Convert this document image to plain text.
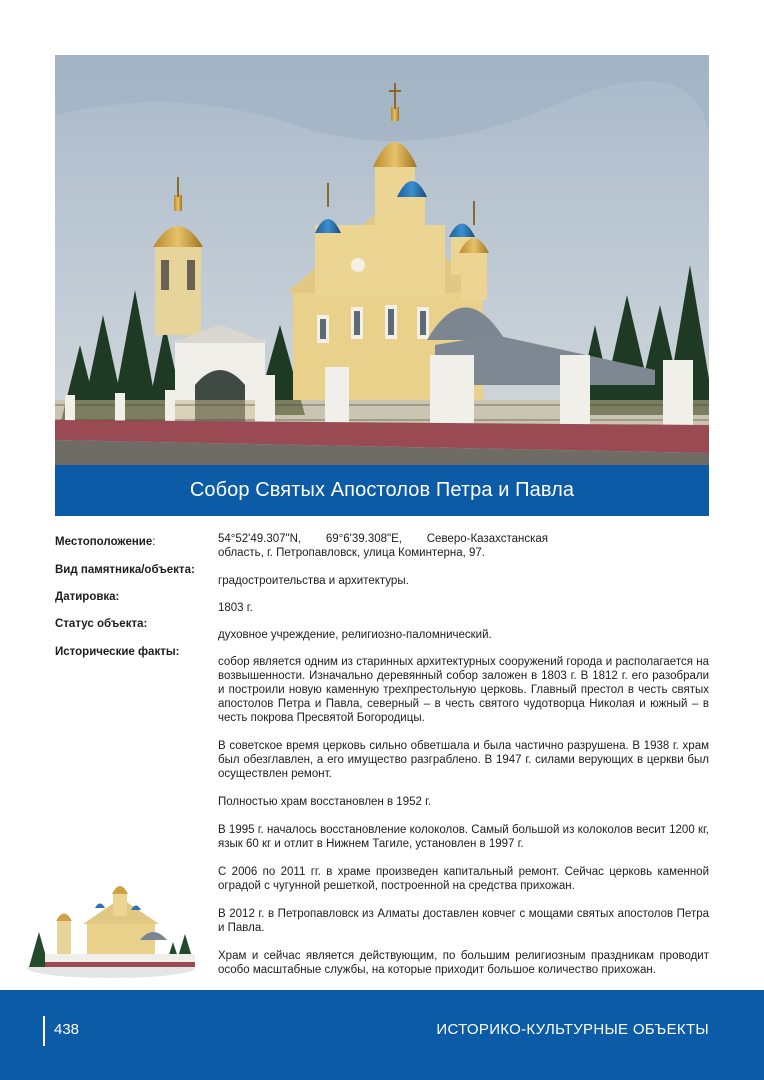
Собор Святых Апостолов Петра и Павла
Местоположение:
Вид памятника/объекта:
Датировка:
Статус объекта:
Исторические факты:

54°52'49.307"N, 69°6'39.308"E, Северо-Казахстанская область, г. Петропавловск, улица Коминтерна, 97.

градостроительства и архитектуры.

1803 г.

духовное учреждение, религиозно-паломнический.

собор является одним из старинных архитектурных сооружений города и располагается на возвышенности. Изначально деревянный собор заложен в 1803 г. В 1812 г. его разобрали и построили новую каменную трехпрестольную церковь. Главный престол в честь святых апостолов Петра и Павла, северный – в честь святого чудотворца Николая и южный – в честь покрова Пресвятой Богородицы.

В советское время церковь сильно обветшала и была частично разрушена. В 1938 г. храм был обезглавлен, а его имущество разграблено. В 1947 г. силами верующих в церкви был осуществлен ремонт.

Полностью храм восстановлен в 1952 г.

В 1995 г. началось восстановление колоколов. Самый большой из колоколов весит 1200 кг, язык 60 кг и отлит в Нижнем Тагиле, установлен в 1997 г.

С 2006 по 2011 гг. в храме произведен капитальный ремонт. Сейчас церковь каменной оградой с чугунной решеткой, построенной на средства прихожан.

В 2012 г. в Петропавловск из Алматы доставлен ковчег с мощами святых апостолов Петра и Павла.

Храм и сейчас является действующим, по большим религиозным праздникам проводит особо масштабные службы, на которые приходит большое количество прихожан.

438	ИСТОРИКО-КУЛЬТУРНЫЕ ОБЪЕКТЫ
